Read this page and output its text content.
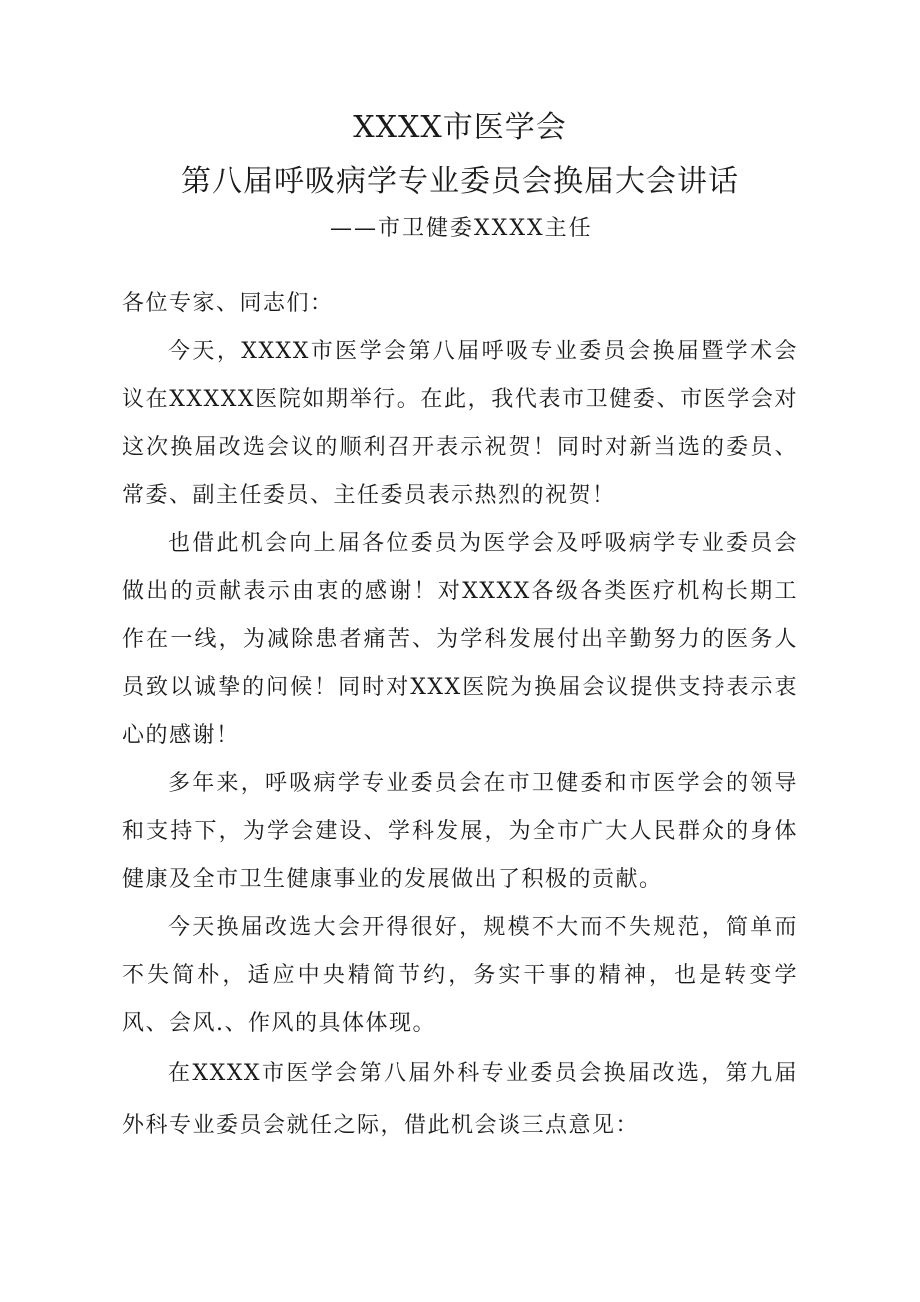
XXXX市医学会
第八届呼吸病学专业委员会换届大会讲话

——市卫健委XXXX主任

各位专家、同志们：

今天，XXXX市医学会第八届呼吸专业委员会换届暨学术会议在XXXXX医院如期举行。在此，我代表市卫健委、市医学会对这次换届改选会议的顺利召开表示祝贺！同时对新当选的委员、常委、副主任委员、主任委员表示热烈的祝贺！

也借此机会向上届各位委员为医学会及呼吸病学专业委员会做出的贡献表示由衷的感谢！对XXXX各级各类医疗机构长期工作在一线，为减除患者痛苦、为学科发展付出辛勤努力的医务人员致以诚挚的问候！同时对XXX医院为换届会议提供支持表示衷心的感谢！

多年来，呼吸病学专业委员会在市卫健委和市医学会的领导和支持下，为学会建设、学科发展，为全市广大人民群众的身体健康及全市卫生健康事业的发展做出了积极的贡献。

今天换届改选大会开得很好，规模不大而不失规范，简单而不失简朴，适应中央精简节约，务实干事的精神，也是转变学风、会风.、作风的具体体现。

在XXXX市医学会第八届外科专业委员会换届改选，第九届外科专业委员会就任之际，借此机会谈三点意见：
